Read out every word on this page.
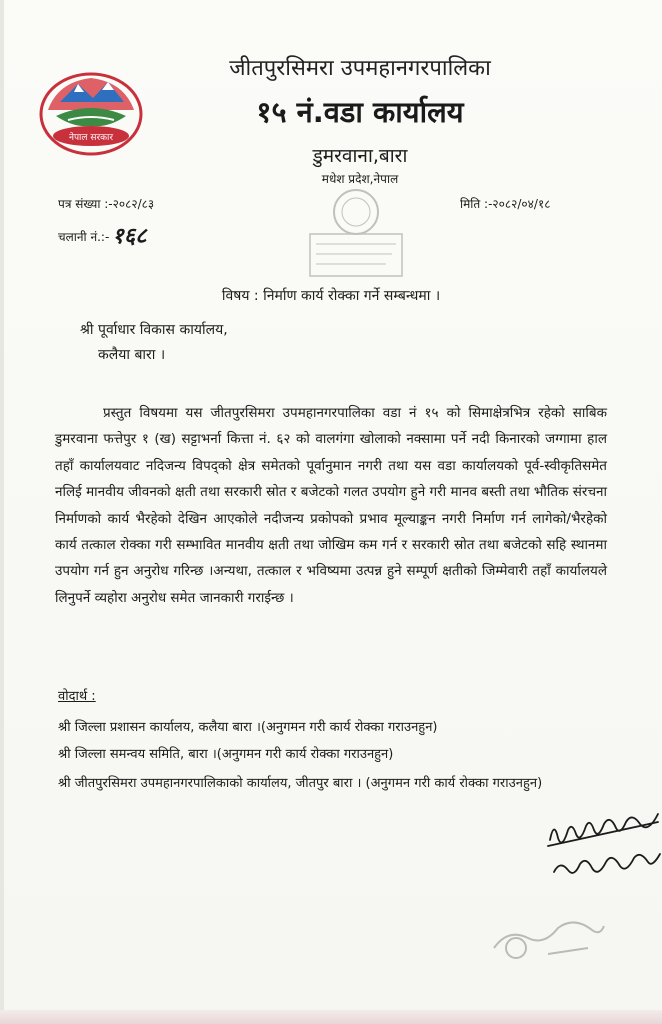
नेपाल सरकार
जीतपुरसिमरा उपमहानगरपालिका
१५ नं.वडा कार्यालय
डुमरवाना,बारा
मधेश प्रदेश,नेपाल
पत्र संख्या :-२०८२/८३
चलानी नं.:- १६८
मिति :-२०८२/०४/१८
विषय : निर्माण कार्य रोक्का गर्ने सम्बन्धमा ।
श्री पूर्वाधार विकास कार्यालय,
कलैया बारा ।
प्रस्तुत विषयमा यस जीतपुरसिमरा उपमहानगरपालिका वडा नं १५ को सिमाक्षेत्रभित्र रहेको साबिक डुमरवाना फत्तेपुर १ (ख) सट्टाभर्ना कित्ता नं. ६२ को वालगंगा खोलाको नक्सामा पर्ने नदी किनारको जग्गामा हाल तहाँ कार्यालयवाट नदिजन्य विपद्को क्षेत्र समेतको पूर्वानुमान नगरी तथा यस वडा कार्यालयको पूर्व-स्वीकृतिसमेत नलिई मानवीय जीवनको क्षती तथा सरकारी स्रोत र बजेटको गलत उपयोग हुने गरी मानव बस्ती तथा भौतिक संरचना निर्माणको कार्य भैरहेको देखिन आएकोले नदीजन्य प्रकोपको प्रभाव मूल्याङ्कन नगरी निर्माण गर्न लागेको/भैरहेको कार्य तत्काल रोक्का गरी सम्भावित मानवीय क्षती तथा जोखिम कम गर्न र सरकारी स्रोत तथा बजेटको सहि स्थानमा उपयोग गर्न हुन अनुरोध गरिन्छ ।अन्यथा, तत्काल र भविष्यमा उत्पन्न हुने सम्पूर्ण क्षतीको जिम्मेवारी तहाँ कार्यालयले लिनुपर्ने व्यहोरा अनुरोध समेत जानकारी गराईन्छ ।
वोदार्थ :
श्री जिल्ला प्रशासन कार्यालय, कलैया बारा ।(अनुगमन गरी कार्य रोक्का गराउनहुन)
श्री जिल्ला समन्वय समिति, बारा ।(अनुगमन गरी कार्य रोक्का गराउनहुन)
श्री जीतपुरसिमरा उपमहानगरपालिकाको कार्यालय, जीतपुर बारा । (अनुगमन गरी कार्य रोक्का गराउनहुन)
